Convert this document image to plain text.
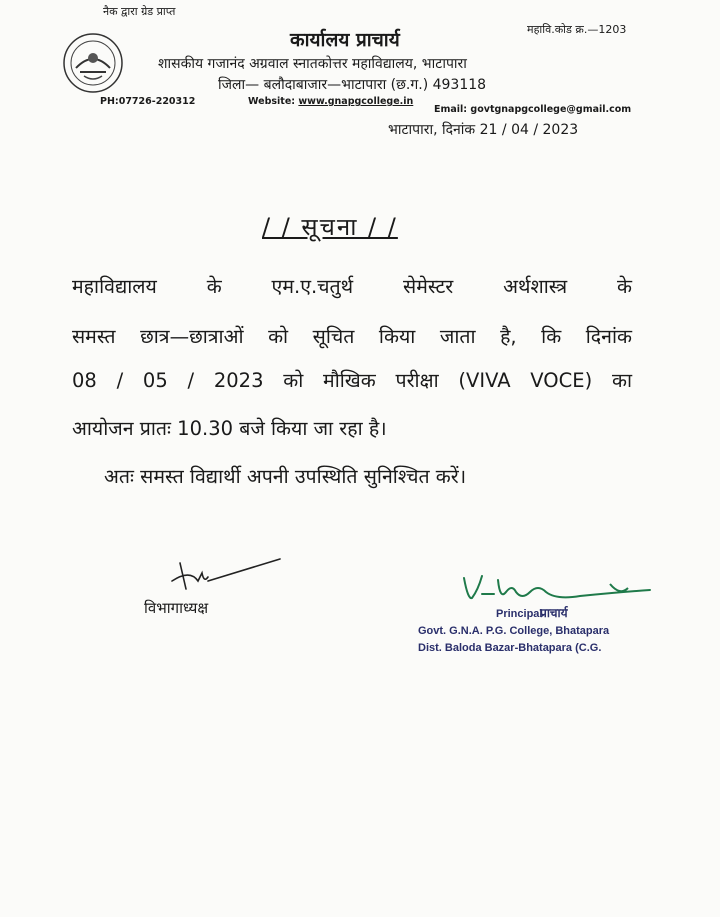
नैक द्वारा ग्रेड प्राप्त
महावि.कोड क्र.—1203
कार्यालय प्राचार्य
शासकीय गजानंद अग्रवाल स्नातकोत्तर महाविद्यालय, भाटापारा
जिला— बलौदाबाजार—भाटापारा (छ.ग.) 493118
PH:07726-220312	Website: www.gnapgcollege.in
Email: govtgnapgcollege@gmail.com
भाटापारा, दिनांक 21 / 04 / 2023
/ / सूचना / /
महाविद्यालय के एम.ए.चतुर्थ सेमेस्टर अर्थशास्त्र के
समस्त छात्र—छात्राओं को सूचित किया जाता है, कि दिनांक
08 / 05 / 2023 को मौखिक परीक्षा (VIVA VOCE) का
आयोजन प्रातः 10.30 बजे किया जा रहा है।
अतः समस्त विद्यार्थी अपनी उपस्थिति सुनिश्चित करें।
विभागाध्यक्ष	Principal
प्राचार्य
Govt. G.N.A. P.G. College, Bhatapara
Dist. Baloda Bazar-Bhatapara (C.G.
